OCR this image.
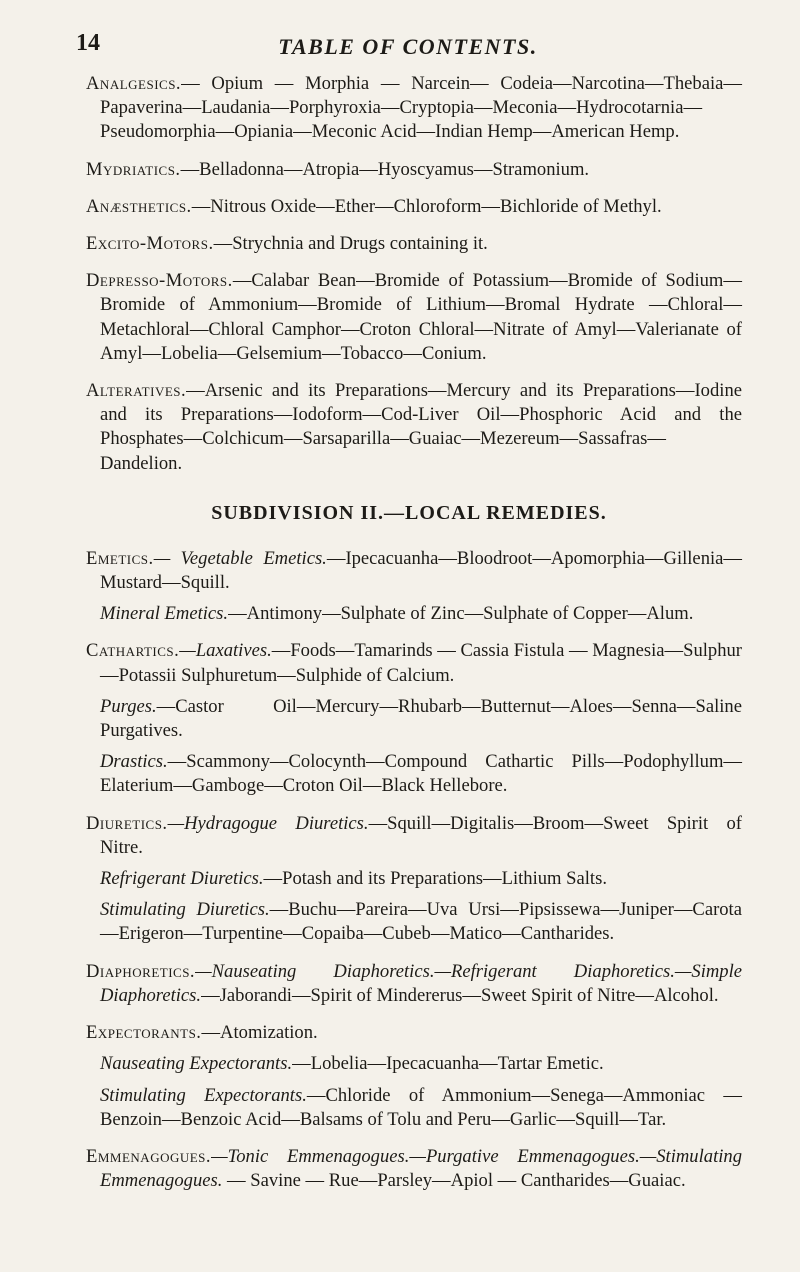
14	TABLE OF CONTENTS.

Analgesics.— Opium — Morphia — Narcein— Codeia—Narcotina—Thebaia—Papaverina—Laudania—Porphyroxia—Cryptopia—Meconia—Hydrocotarnia—Pseudomorphia—Opiania—Meconic Acid—Indian Hemp—American Hemp.

Mydriatics.—Belladonna—Atropia—Hyoscyamus—Stramonium.

Anæsthetics.—Nitrous Oxide—Ether—Chloroform—Bichloride of Methyl.

Excito-Motors.—Strychnia and Drugs containing it.

Depresso-Motors.—Calabar Bean—Bromide of Potassium—Bromide of Sodium—Bromide of Ammonium—Bromide of Lithium—Bromal Hydrate —Chloral—Metachloral—Chloral Camphor—Croton Chloral—Nitrate of Amyl—Valerianate of Amyl—Lobelia—Gelsemium—Tobacco—Conium.

Alteratives.—Arsenic and its Preparations—Mercury and its Preparations—Iodine and its Preparations—Iodoform—Cod-Liver Oil—Phosphoric Acid and the Phosphates—Colchicum—Sarsaparilla—Guaiac—Mezereum—Sassafras—Dandelion.

SUBDIVISION II.—LOCAL REMEDIES.

Emetics.— Vegetable Emetics.—Ipecacuanha—Bloodroot—Apomorphia—Gillenia—Mustard—Squill.

Mineral Emetics.—Antimony—Sulphate of Zinc—Sulphate of Copper—Alum.

Cathartics.—Laxatives.—Foods—Tamarinds — Cassia Fistula — Magnesia—Sulphur—Potassii Sulphuretum—Sulphide of Calcium.

Purges.—Castor Oil—Mercury—Rhubarb—Butternut—Aloes—Senna—Saline Purgatives.

Drastics.—Scammony—Colocynth—Compound Cathartic Pills—Podophyllum—Elaterium—Gamboge—Croton Oil—Black Hellebore.

Diuretics.—Hydragogue Diuretics.—Squill—Digitalis—Broom—Sweet Spirit of Nitre.

Refrigerant Diuretics.—Potash and its Preparations—Lithium Salts.

Stimulating Diuretics.—Buchu—Pareira—Uva Ursi—Pipsissewa—Juniper—Carota—Erigeron—Turpentine—Copaiba—Cubeb—Matico—Cantharides.

Diaphoretics.—Nauseating Diaphoretics.—Refrigerant Diaphoretics.—Simple Diaphoretics.—Jaborandi—Spirit of Mindererus—Sweet Spirit of Nitre—Alcohol.

Expectorants.—Atomization.

Nauseating Expectorants.—Lobelia—Ipecacuanha—Tartar Emetic.

Stimulating Expectorants.—Chloride of Ammonium—Senega—Ammoniac —Benzoin—Benzoic Acid—Balsams of Tolu and Peru—Garlic—Squill—Tar.

Emmenagogues.—Tonic Emmenagogues.—Purgative Emmenagogues.—Stimulating Emmenagogues. — Savine — Rue—Parsley—Apiol — Cantharides—Guaiac.
